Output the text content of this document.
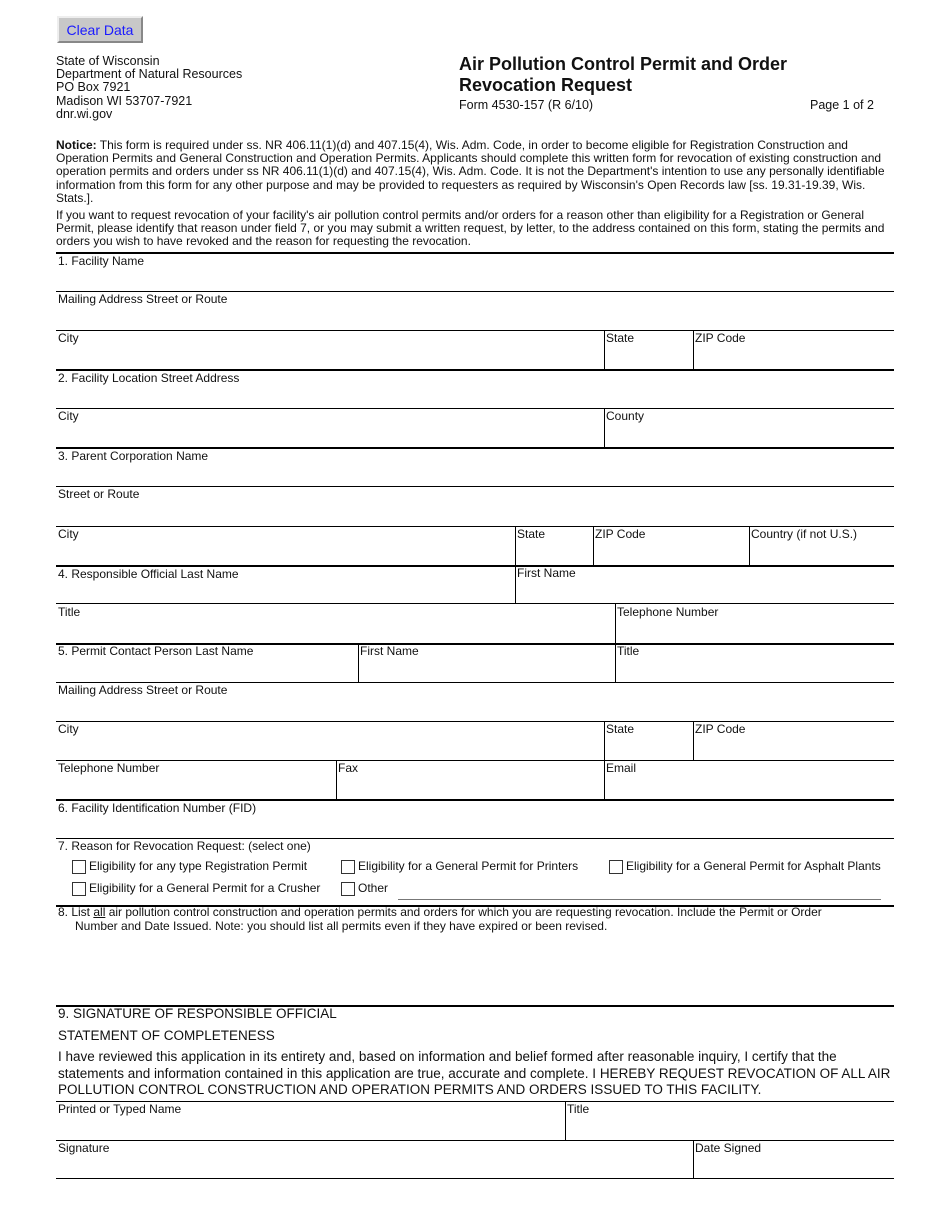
Clear Data
State of Wisconsin
Department of Natural Resources
PO Box 7921
Madison WI 53707-7921
dnr.wi.gov
Air Pollution Control Permit and Order
Revocation Request
Form 4530-157 (R 6/10)	Page 1 of 2
Notice: This form is required under ss. NR 406.11(1)(d) and 407.15(4), Wis. Adm. Code, in order to become eligible for Registration Construction and Operation Permits and General Construction and Operation Permits. Applicants should complete this written form for revocation of existing construction and operation permits and orders under ss NR 406.11(1)(d) and 407.15(4), Wis. Adm. Code. It is not the Department's intention to use any personally identifiable information from this form for any other purpose and may be provided to requesters as required by Wisconsin's Open Records law [ss. 19.31-19.39, Wis. Stats.].
If you want to request revocation of your facility's air pollution control permits and/or orders for a reason other than eligibility for a Registration or General Permit, please identify that reason under field 7, or you may submit a written request, by letter, to the address contained on this form, stating the permits and orders you wish to have revoked and the reason for requesting the revocation.
1. Facility Name
Mailing Address Street or Route
City	State	ZIP Code
2. Facility Location Street Address
City	County
3. Parent Corporation Name
Street or Route
City	State	ZIP Code	Country (if not U.S.)
4. Responsible Official Last Name	First Name
Title	Telephone Number
5. Permit Contact Person Last Name	First Name	Title
Mailing Address Street or Route
City	State	ZIP Code
Telephone Number	Fax	Email
6. Facility Identification Number (FID)
7. Reason for Revocation Request: (select one)
Eligibility for any type Registration Permit	Eligibility for a General Permit for Printers	Eligibility for a General Permit for Asphalt Plants
Eligibility for a General Permit for a Crusher	Other
8. List all air pollution control construction and operation permits and orders for which you are requesting revocation. Include the Permit or Order
Number and Date Issued. Note: you should list all permits even if they have expired or been revised.
9. SIGNATURE OF RESPONSIBLE OFFICIAL
STATEMENT OF COMPLETENESS
I have reviewed this application in its entirety and, based on information and belief formed after reasonable inquiry, I certify that the statements and information contained in this application are true, accurate and complete. I HEREBY REQUEST REVOCATION OF ALL AIR POLLUTION CONTROL CONSTRUCTION AND OPERATION PERMITS AND ORDERS ISSUED TO THIS FACILITY.
Printed or Typed Name	Title
Signature	Date Signed
